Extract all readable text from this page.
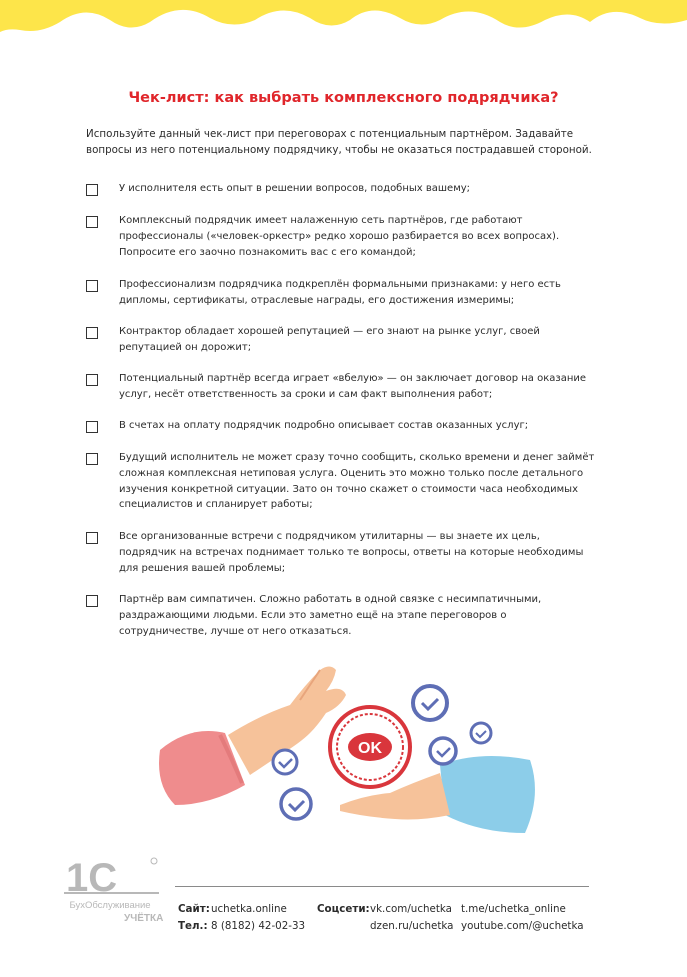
Чек-лист: как выбрать комплексного подрядчика?

Используйте данный чек-лист при переговорах с потенциальным партнёром. Задавайте вопросы из него потенциальному подрядчику, чтобы не оказаться пострадавшей стороной.

У исполнителя есть опыт в решении вопросов, подобных вашему;
Комплексный подрядчик имеет налаженную сеть партнёров, где работают профессионалы («человек-оркестр» редко хорошо разбирается во всех вопросах). Попросите его заочно познакомить вас с его командой;
Профессионализм подрядчика подкреплён формальными признаками: у него есть дипломы, сертификаты, отраслевые награды, его достижения измеримы;
Контрактор обладает хорошей репутацией — его знают на рынке услуг, своей репутацией он дорожит;
Потенциальный партнёр всегда играет «вбелую» — он заключает договор на оказание услуг, несёт ответственность за сроки и сам факт выполнения работ;
В счетах на оплату подрядчик подробно описывает состав оказанных услуг;
Будущий исполнитель не может сразу точно сообщить, сколько времени и денег займёт сложная комплексная нетиповая услуга. Оценить это можно только после детального изучения конкретной ситуации. Зато он точно скажет о стоимости часа необходимых специалистов и спланирует работы;
Все организованные встречи с подрядчиком утилитарны — вы знаете их цель, подрядчик на встречах поднимает только те вопросы, ответы на которые необходимы для решения вашей проблемы;
Партнёр вам симпатичен. Сложно работать в одной связке с несимпатичными, раздражающими людьми. Если это заметно ещё на этапе переговоров о сотрудничестве, лучше от него отказаться.
OK
1C
БухОбслуживание
УЧЁТКА
Сайт: uchetka.online
Тел.: 8 (8182) 42-02-33
Соцсети: vk.com/uchetka
dzen.ru/uchetka
t.me/uchetka_online
youtube.com/@uchetka
